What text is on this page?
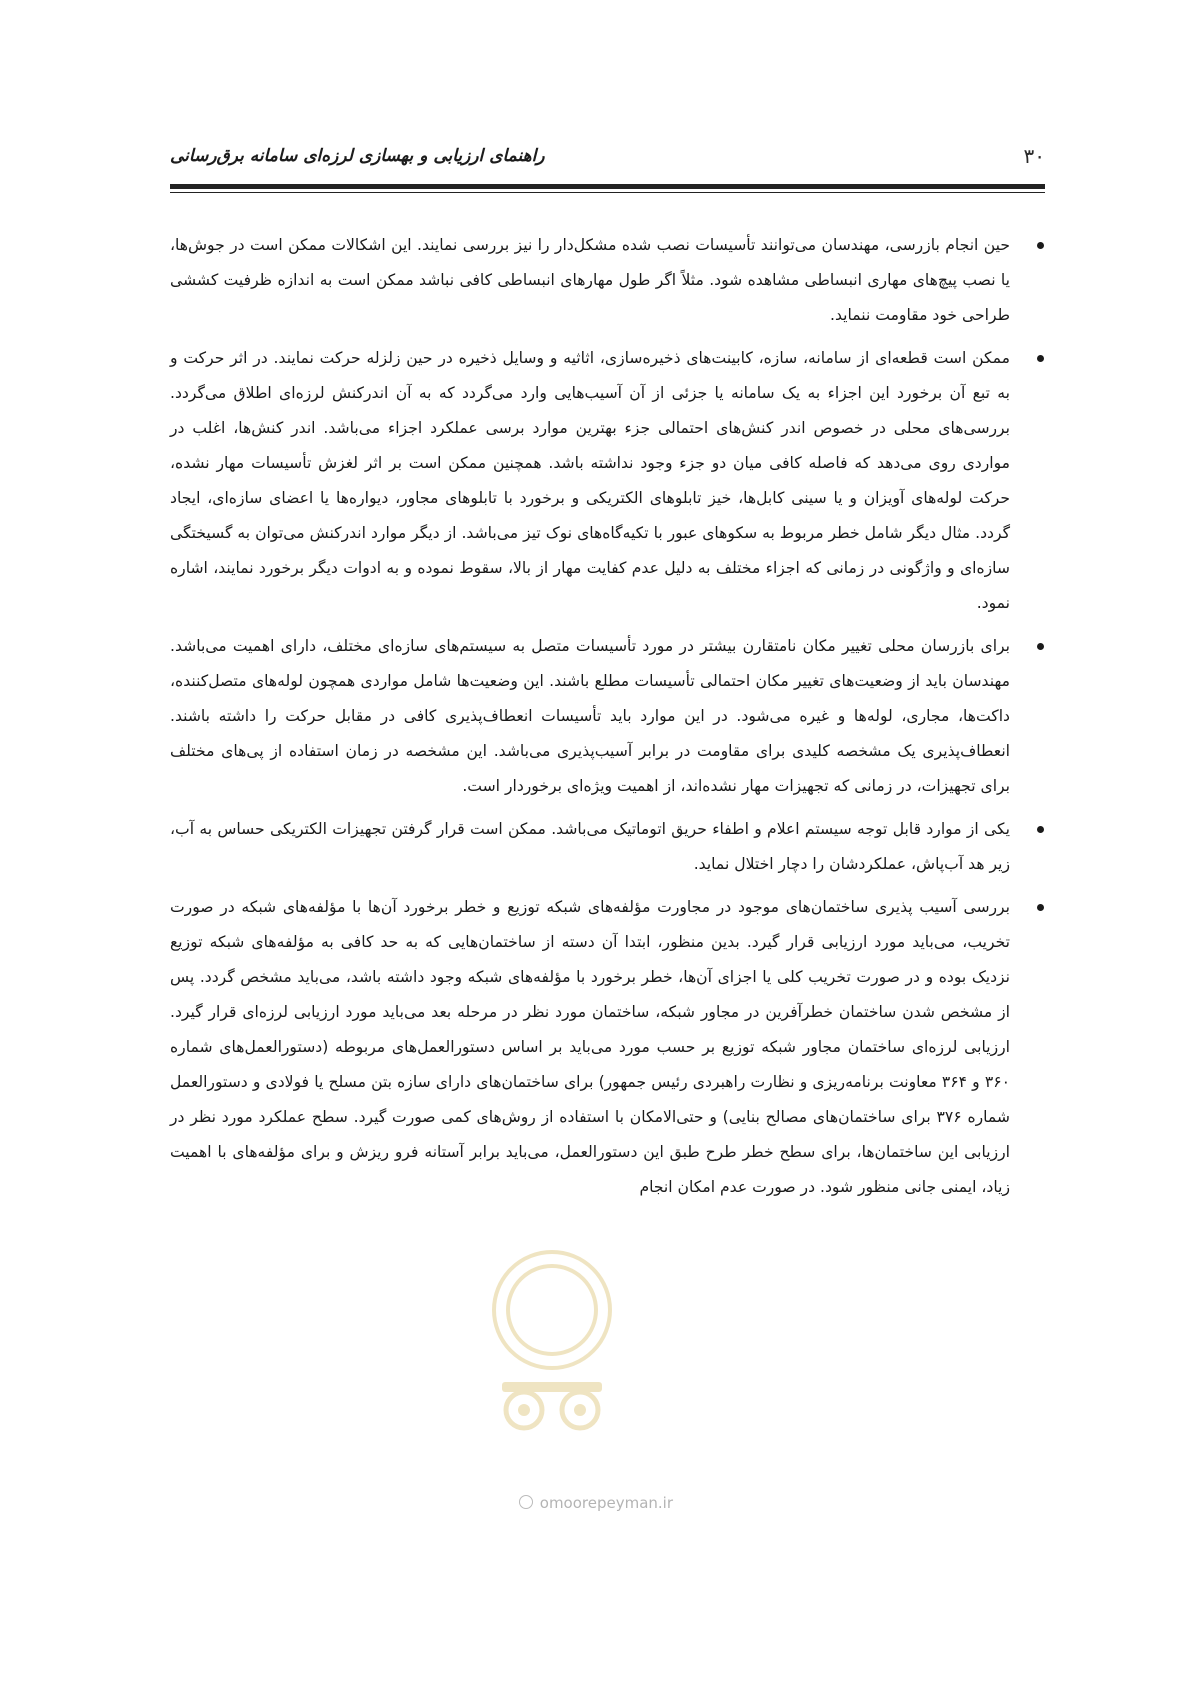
۳۰
راهنمای ارزیابی و بهسازی لرزه‌ای سامانه برق‌رسانی
حین انجام بازرسی، مهندسان می‌توانند تأسیسات نصب شده مشکل‌دار را نیز بررسی نمایند. این اشکالات ممکن است در جوش‌ها، یا نصب پیچ‌های مهاری انبساطی مشاهده شود. مثلاً اگر طول مهارهای انبساطی کافی نباشد ممکن است به اندازه ظرفیت کششی طراحی خود مقاومت ننماید.
ممکن است قطعه‌ای از سامانه، سازه، کابینت‌های ذخیره‌سازی، اثاثیه و وسایل ذخیره در حین زلزله حرکت نمایند. در اثر حرکت و به تبع آن برخورد این اجزاء به یک سامانه یا جزئی از آن آسیب‌هایی وارد می‌گردد که به آن اندرکنش لرزه‌ای اطلاق می‌گردد. بررسی‌های محلی در خصوص اندر کنش‌های احتمالی جزء بهترین موارد برسی عملکرد اجزاء می‌باشد. اندر کنش‌ها، اغلب در مواردی روی می‌دهد که فاصله کافی میان دو جزء وجود نداشته باشد. همچنین ممکن است بر اثر لغزش تأسیسات مهار نشده، حرکت لوله‌های آویزان و یا سینی کابل‌ها، خیز تابلوهای الکتریکی و برخورد با تابلوهای مجاور، دیواره‌ها یا اعضای سازه‌ای، ایجاد گردد. مثال دیگر شامل خطر مربوط به سکوهای عبور با تکیه‌گاه‌های نوک تیز می‌باشد. از دیگر موارد اندرکنش می‌توان به گسیختگی سازه‌ای و واژگونی در زمانی که اجزاء مختلف به دلیل عدم کفایت مهار از بالا، سقوط نموده و به ادوات دیگر برخورد نمایند، اشاره نمود.
برای بازرسان محلی تغییر مکان نامتقارن بیشتر در مورد تأسیسات متصل به سیستم‌های سازه‌ای مختلف، دارای اهمیت می‌باشد. مهندسان باید از وضعیت‌های تغییر مکان احتمالی تأسیسات مطلع باشند. این وضعیت‌ها شامل مواردی همچون لوله‌های متصل‌کننده، داکت‌ها، مجاری، لوله‌ها و غیره می‌شود. در این موارد باید تأسیسات انعطاف‌پذیری کافی در مقابل حرکت را داشته باشند. انعطاف‌پذیری یک مشخصه کلیدی برای مقاومت در برابر آسیب‌پذیری می‌باشد. این مشخصه در زمان استفاده از پی‌های مختلف برای تجهیزات، در زمانی که تجهیزات مهار نشده‌اند، از اهمیت ویژه‌ای برخوردار است.
یکی از موارد قابل توجه سیستم اعلام و اطفاء حریق اتوماتیک می‌باشد. ممکن است قرار گرفتن تجهیزات الکتریکی حساس به آب، زیر هد آب‌پاش، عملکردشان را دچار اختلال نماید.
بررسی آسیب پذیری ساختمان‌های موجود در مجاورت مؤلفه‌های شبکه توزیع و خطر برخورد آن‌ها با مؤلفه‌های شبکه در صورت تخریب، می‌باید مورد ارزیابی قرار گیرد. بدین منظور، ابتدا آن دسته از ساختمان‌هایی که به حد کافی به مؤلفه‌های شبکه توزیع نزدیک بوده و در صورت تخریب کلی یا اجزای آن‌ها، خطر برخورد با مؤلفه‌های شبکه وجود داشته باشد، می‌باید مشخص گردد. پس از مشخص شدن ساختمان خطرآفرین در مجاور شبکه، ساختمان مورد نظر در مرحله بعد می‌باید مورد ارزیابی لرزه‌ای قرار گیرد. ارزیابی لرزه‌ای ساختمان مجاور شبکه توزیع بر حسب مورد می‌باید بر اساس دستورالعمل‌های مربوطه (دستورالعمل‌های شماره ۳۶۰ و ۳۶۴ معاونت برنامه‌ریزی و نظارت راهبردی رئیس جمهور) برای ساختمان‌های دارای سازه بتن مسلح یا فولادی و دستورالعمل شماره ۳۷۶ برای ساختمان‌های مصالح بنایی) و حتی‌الامکان با استفاده از روش‌های کمی صورت گیرد. سطح عملکرد مورد نظر در ارزیابی این ساختمان‌ها، برای سطح خطر طرح طبق این دستورالعمل، می‌باید برابر آستانه فرو ریزش و برای مؤلفه‌های با اهمیت زیاد، ایمنی جانی منظور شود. در صورت عدم امکان انجام
omoorepeyman.ir
